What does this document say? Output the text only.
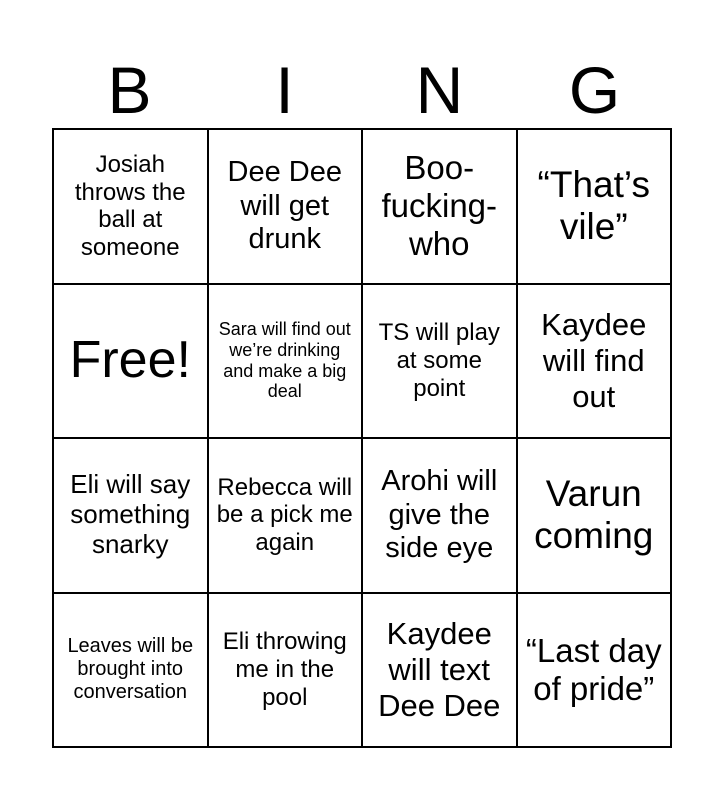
B	I	N	G
Josiah throws the ball at someone
Dee Dee will get drunk
Boo-fucking-who
“That’s vile”
Free!
Sara will find out we’re drinking and make a big deal
TS will play at some point
Kaydee will find out
Eli will say something snarky
Rebecca will be a pick me again
Arohi will give the side eye
Varun coming
Leaves will be brought into conversation
Eli throwing me in the pool
Kaydee will text Dee Dee
“Last day of pride”
